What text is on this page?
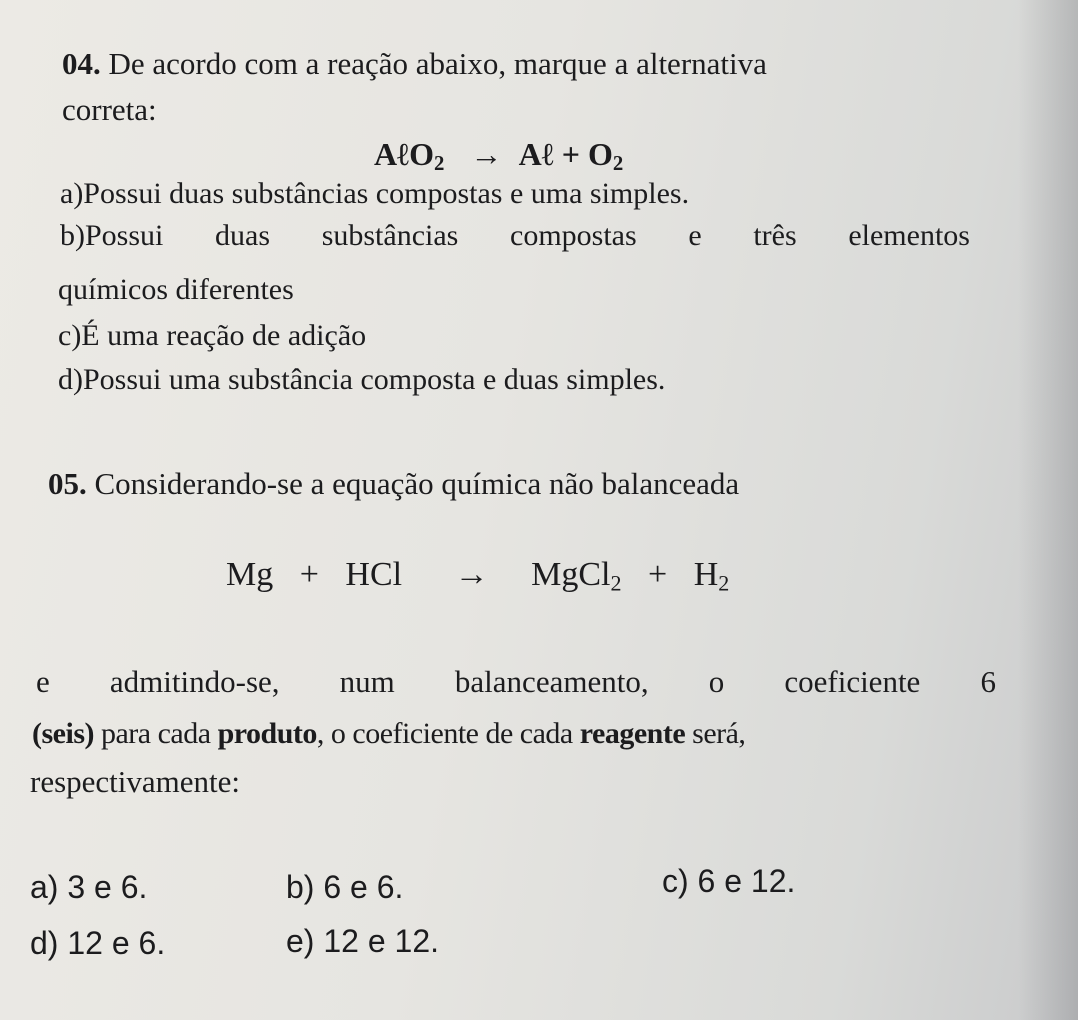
04. De acordo com a reação abaixo, marque a alternativa
correta:
AℓO$_2$ → Aℓ + $O_2$
a)Possui duas substâncias compostas e uma simples.
b)Possui duas substâncias compostas e três elementos
químicos diferentes
c)É uma reação de adição
d)Possui uma substância composta e duas simples.
05. Considerando-se a equação química não balanceada
Mg + HCl → MgCl$_2$ + $H_2$
e admitindo-se, num balanceamento, o coeficiente 6
(seis) para cada produto, o coeficiente de cada reagente será,
respectivamente:
a) 3 e 6.	b) 6 e 6.	c) 6 e 12.
d) 12 e 6.	e) 12 e 12.
